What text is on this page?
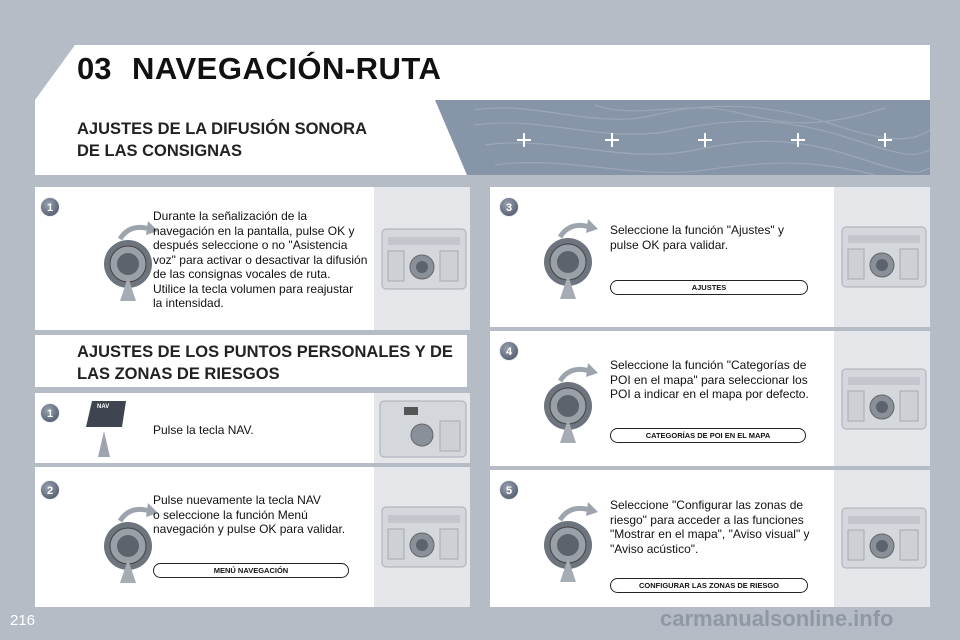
03 NAVEGACIÓN-RUTA
AJUSTES DE LA DIFUSIÓN SONORA
DE LAS CONSIGNAS
Durante la señalización de la
navegación en la pantalla, pulse OK y
después seleccione o no "Asistencia
voz" para activar o desactivar la difusión
de las consignas vocales de ruta.
Utilice la tecla volumen para reajustar
la intensidad.
1
AJUSTES DE LOS PUNTOS PERSONALES Y DE
LAS ZONAS DE RIESGOS
NAV
Pulse la tecla NAV.
1
Pulse nuevamente la tecla NAV
o seleccione la función Menú
navegación y pulse OK para validar.
MENÚ NAVEGACIÓN
2
Seleccione la función "Ajustes" y
pulse OK para validar.
AJUSTES
3
Seleccione la función "Categorías de
POI en el mapa" para seleccionar los
POI a indicar en el mapa por defecto.
CATEGORÍAS DE POI EN EL MAPA
4
Seleccione "Configurar las zonas de
riesgo" para acceder a las funciones
"Mostrar en el mapa", "Aviso visual" y
"Aviso acústico".
CONFIGURAR LAS ZONAS DE RIESGO
5
216	carmanualsonline.info
